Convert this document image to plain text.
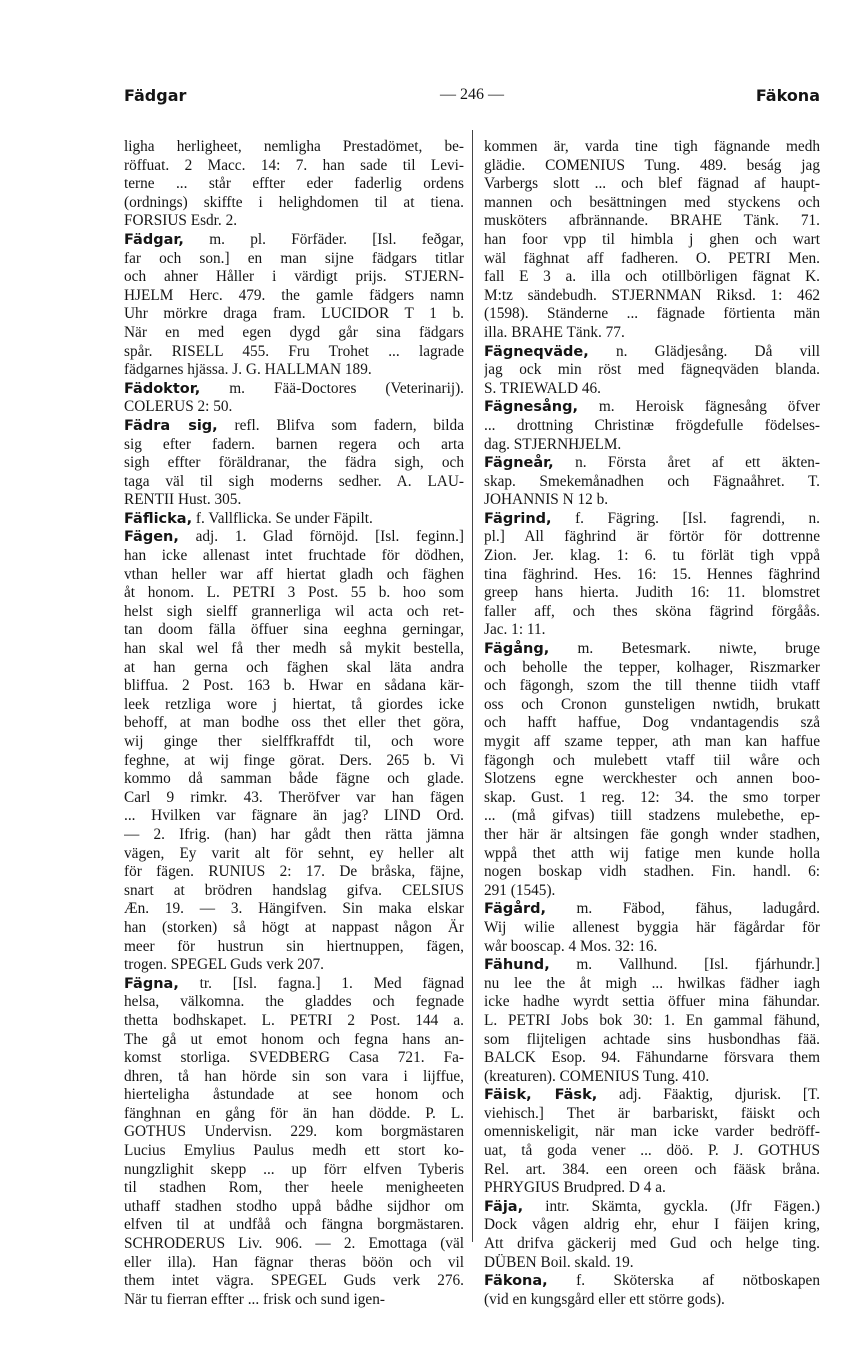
Fädgar	— 246 —	Fäkona
ligha herligheet, nemligha Prestadömet, be-
röffuat. 2 Macc. 14: 7. han sade til Levi-
terne ... står effter eder faderlig ordens
(ordnings) skiffte i helighdomen til at tiena.
FORSIUS Esdr. 2.
Fädgar, m. pl. Förfäder. [Isl. feðgar,
far och son.] en man sijne fädgars titlar
och ahner Håller i värdigt prijs. STJERN-
HJELM Herc. 479. the gamle fädgers namn
Uhr mörkre draga fram. LUCIDOR T 1 b.
När en med egen dygd går sina fädgars
spår. RISELL 455. Fru Trohet ... lagrade
fädgarnes hjässa. J. G. HALLMAN 189.
Fädoktor, m. Fää-Doctores (Veterinarij).
COLERUS 2: 50.
Fädra sig, refl. Blifva som fadern, bilda
sig efter fadern. barnen regera och arta
sigh effter föräldranar, the fädra sigh, och
taga väl til sigh moderns sedher. A. LAU-
RENTII Hust. 305.
Fäflicka, f. Vallflicka. Se under Fäpilt.
Fägen, adj. 1. Glad förnöjd. [Isl. feginn.]
han icke allenast intet fruchtade för dödhen,
vthan heller war aff hiertat gladh och fäghen
åt honom. L. PETRI 3 Post. 55 b. hoo som
helst sigh sielff grannerliga wil acta och ret-
tan doom fälla öffuer sina eeghna gerningar,
han skal wel få ther medh så mykit bestella,
at han gerna och fäghen skal läta andra
bliffua. 2 Post. 163 b. Hwar en sådana kär-
leek retzliga wore j hiertat, tå giordes icke
behoff, at man bodhe oss thet eller thet göra,
wij ginge ther sielffkraffdt til, och wore
feghne, at wij finge görat. Ders. 265 b. Vi
kommo då samman både fägne och glade.
Carl 9 rimkr. 43. Theröfver var han fägen
... Hvilken var fägnare än jag? LIND Ord.
— 2. Ifrig. (han) har gådt then rätta jämna
vägen, Ey varit alt för sehnt, ey heller alt
för fägen. RUNIUS 2: 17. De bråska, fäjne,
snart at brödren handslag gifva. CELSIUS
Æn. 19. — 3. Hängifven. Sin maka elskar
han (storken) så högt at nappast någon Är
meer för hustrun sin hiertnuppen, fägen,
trogen. SPEGEL Guds verk 207.
Fägna, tr. [Isl. fagna.] 1. Med fägnad
helsa, välkomna. the gladdes och fegnade
thetta bodhskapet. L. PETRI 2 Post. 144 a.
The gå ut emot honom och fegna hans an-
komst storliga. SVEDBERG Casa 721. Fa-
dhren, tå han hörde sin son vara i lijffue,
hierteligha åstundade at see honom och
fänghnan en gång för än han dödde. P. L.
GOTHUS Undervisn. 229. kom borgmästaren
Lucius Emylius Paulus medh ett stort ko-
nungzlighit skepp ... up förr elfven Tyberis
til stadhen Rom, ther heele menigheeten
uthaff stadhen stodho uppå bådhe sijdhor om
elfven til at undfåå och fängna borgmästaren.
SCHRODERUS Liv. 906. — 2. Emottaga (väl
eller illa). Han fägnar theras böön och vil
them intet vägra. SPEGEL Guds verk 276.
När tu fierran effter ... frisk och sund igen-
kommen är, varda tine tigh fägnande medh
glädie. COMENIUS Tung. 489. beság jag
Varbergs slott ... och blef fägnad af haupt-
mannen och besättningen med styckens och
musköters afbrännande. BRAHE Tänk. 71.
han foor vpp til himbla j ghen och wart
wäl fäghnat aff fadheren. O. PETRI Men.
fall E 3 a. illa och otillbörligen fägnat K.
M:tz sändebudh. STJERNMAN Riksd. 1: 462
(1598). Ständerne ... fägnade förtienta män
illa. BRAHE Tänk. 77.
Fägneqväde, n. Glädjesång. Då vill
jag ock min röst med fägneqväden blanda.
S. TRIEWALD 46.
Fägnesång, m. Heroisk fägnesång öfver
... drottning Christinæ frögdefulle födelses-
dag. STJERNHJELM.
Fägneår, n. Första året af ett äkten-
skap. Smekemånadhen och Fägnaåhret. T.
JOHANNIS N 12 b.
Fägrind, f. Fägring. [Isl. fagrendi, n.
pl.] All fäghrind är förtör för dottrenne
Zion. Jer. klag. 1: 6. tu förlät tigh vppå
tina fäghrind. Hes. 16: 15. Hennes fäghrind
greep hans hierta. Judith 16: 11. blomstret
faller aff, och thes sköna fägrind förgåås.
Jac. 1: 11.
Fägång, m. Betesmark. niwte, bruge
och beholle the tepper, kolhager, Riszmarker
och fägongh, szom the till thenne tiidh vtaff
oss och Cronon gunsteligen nwtidh, brukatt
och hafft haffue, Dog vndantagendis szå
mygit aff szame tepper, ath man kan haffue
fägongh och mulebett vtaff tiil wåre och
Slotzens egne werckhester och annen boo-
skap. Gust. 1 reg. 12: 34. the smo torper
... (må gifvas) tiill stadzens mulebethe, ep-
ther här är altsingen fäe gongh wnder stadhen,
wppå thet atth wij fatige men kunde holla
nogen boskap vidh stadhen. Fin. handl. 6:
291 (1545).
Fägård, m. Fäbod, fähus, ladugård.
Wij wilie allenest byggia här fägårdar för
wår booscap. 4 Mos. 32: 16.
Fähund, m. Vallhund. [Isl. fjárhundr.]
nu lee the åt migh ... hwilkas fädher iagh
icke hadhe wyrdt settia öffuer mina fähundar.
L. PETRI Jobs bok 30: 1. En gammal fähund,
som flijteligen achtade sins husbondhas fää.
BALCK Esop. 94. Fähundarne försvara them
(kreaturen). COMENIUS Tung. 410.
Fäisk, Fäsk, adj. Fäaktig, djurisk. [T.
viehisch.] Thet är barbariskt, fäiskt och
omenniskeligit, när man icke varder bedröff-
uat, tå goda vener ... döö. P. J. GOTHUS
Rel. art. 384. een oreen och fääsk bråna.
PHRYGIUS Brudpred. D 4 a.
Fäja, intr. Skämta, gyckla. (Jfr Fägen.)
Dock vågen aldrig ehr, ehur I fäijen kring,
Att drifva gäckerij med Gud och helge ting.
DÜBEN Boil. skald. 19.
Fäkona, f. Sköterska af nötboskapen
(vid en kungsgård eller ett större gods).
